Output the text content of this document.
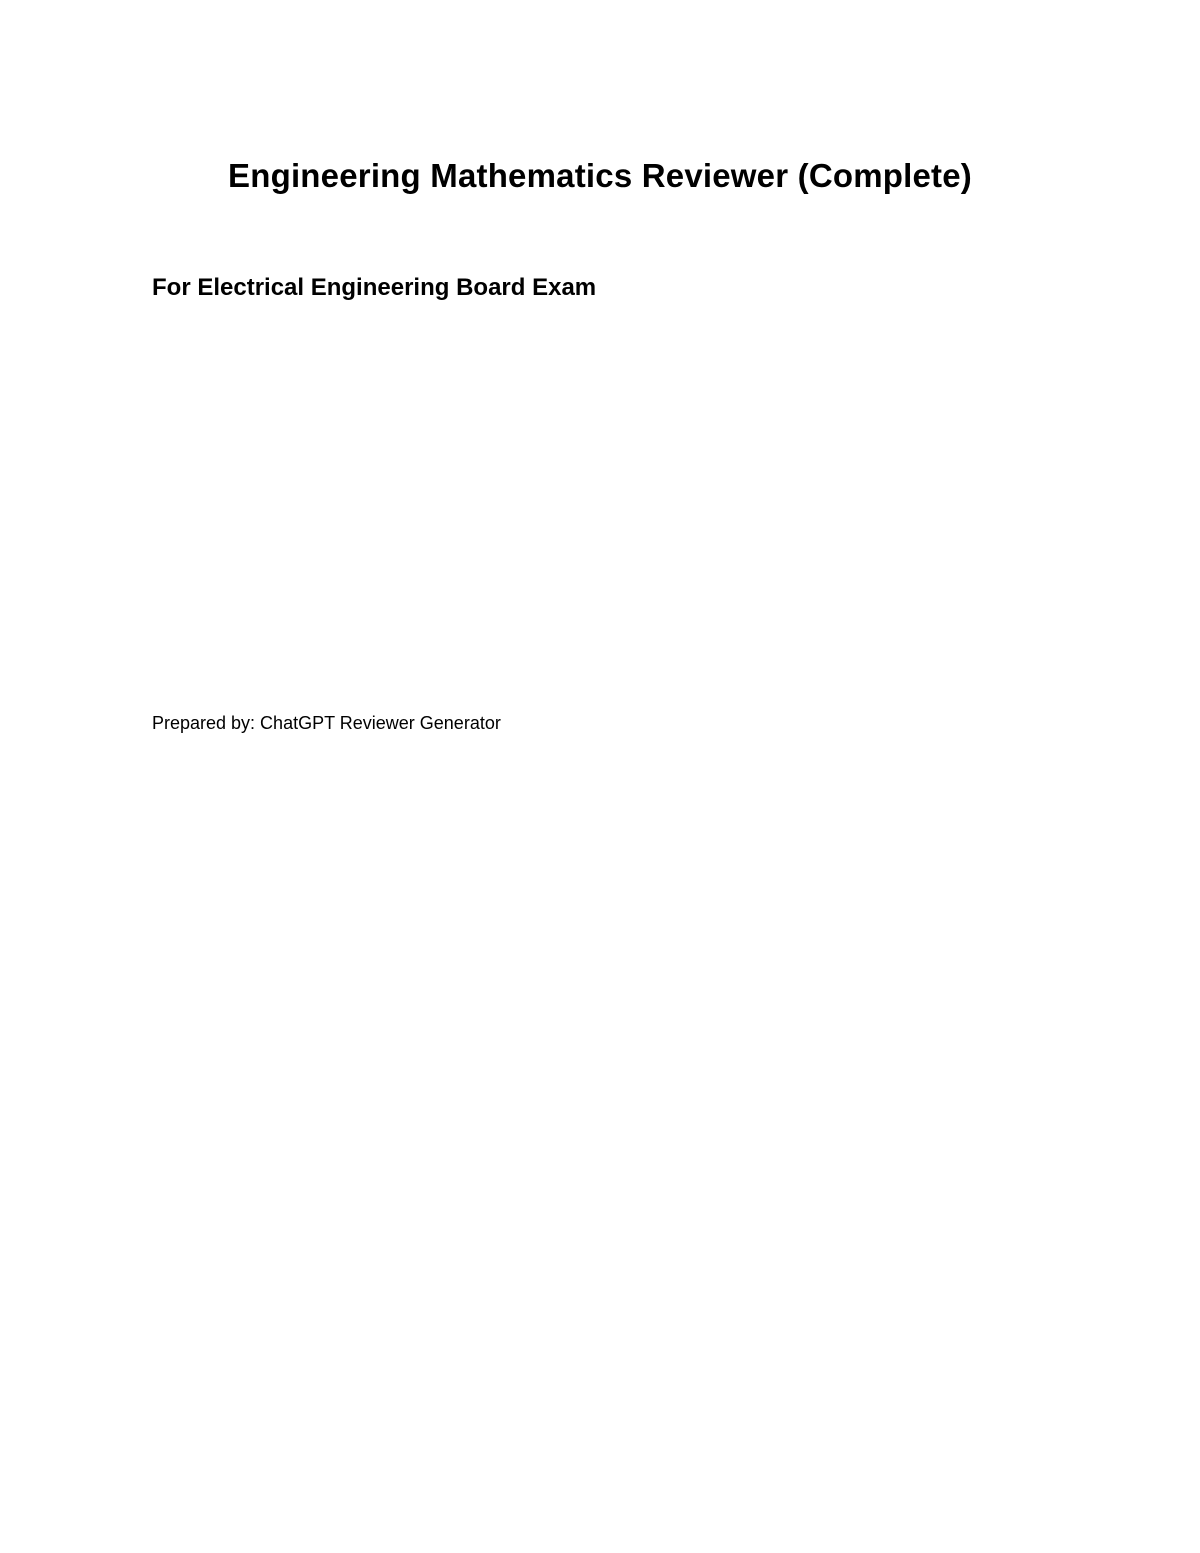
Engineering Mathematics Reviewer (Complete)
For Electrical Engineering Board Exam

Prepared by: ChatGPT Reviewer Generator
